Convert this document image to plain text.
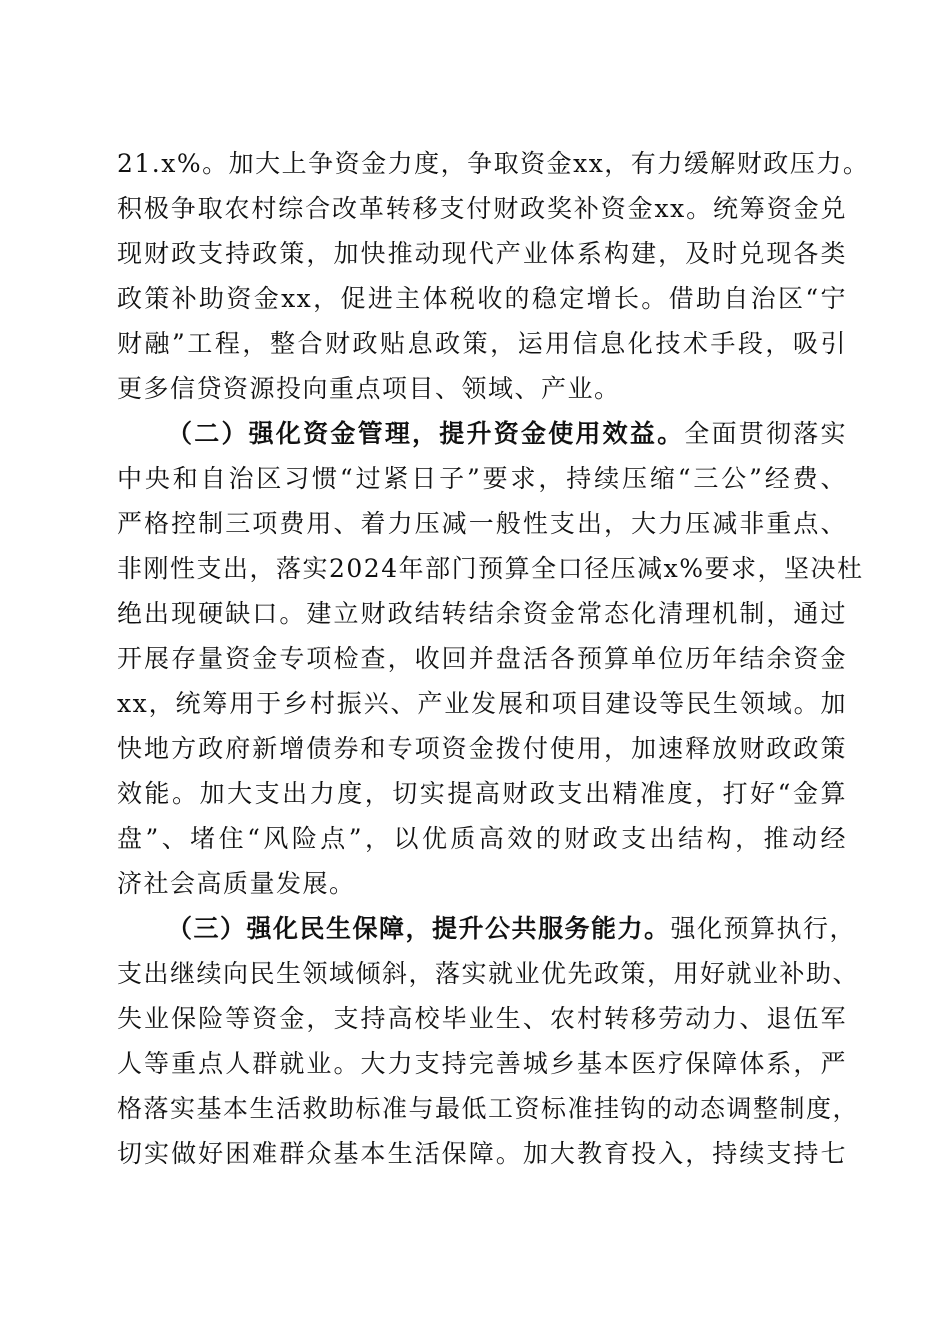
21.x%。加大上争资金力度，争取资金xx，有力缓解财政压力。
积极争取农村综合改革转移支付财政奖补资金xx。统筹资金兑
现财政支持政策，加快推动现代产业体系构建，及时兑现各类
政策补助资金xx，促进主体税收的稳定增长。借助自治区“宁
财融”工程，整合财政贴息政策，运用信息化技术手段，吸引
更多信贷资源投向重点项目、领域、产业。
（二）强化资金管理，提升资金使用效益。全面贯彻落实
中央和自治区习惯“过紧日子”要求，持续压缩“三公”经费、
严格控制三项费用、着力压减一般性支出，大力压减非重点、
非刚性支出，落实2024年部门预算全口径压减x%要求，坚决杜
绝出现硬缺口。建立财政结转结余资金常态化清理机制，通过
开展存量资金专项检查，收回并盘活各预算单位历年结余资金
xx，统筹用于乡村振兴、产业发展和项目建设等民生领域。加
快地方政府新增债券和专项资金拨付使用，加速释放财政政策
效能。加大支出力度，切实提高财政支出精准度，打好“金算
盘”、堵住“风险点”，以优质高效的财政支出结构，推动经
济社会高质量发展。
（三）强化民生保障，提升公共服务能力。强化预算执行，
支出继续向民生领域倾斜，落实就业优先政策，用好就业补助、
失业保险等资金，支持高校毕业生、农村转移劳动力、退伍军
人等重点人群就业。大力支持完善城乡基本医疗保障体系，严
格落实基本生活救助标准与最低工资标准挂钩的动态调整制度，
切实做好困难群众基本生活保障。加大教育投入，持续支持七
